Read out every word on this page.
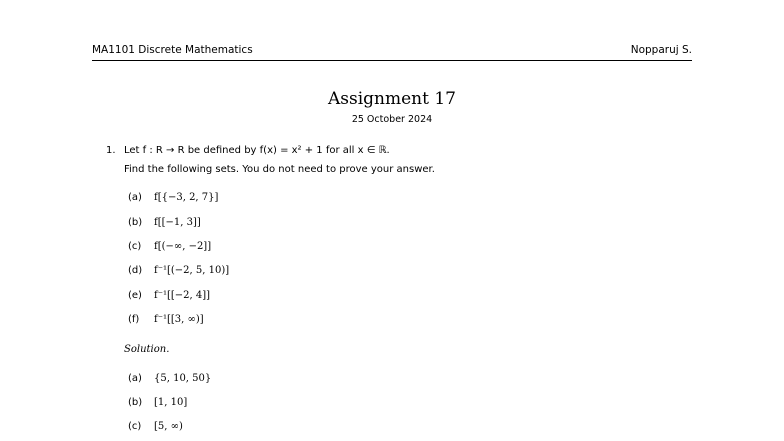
MA1101 Discrete Mathematics	Nopparuj S.
Assignment 17
25 October 2024
1. Let f : R → R be defined by f(x) = x² + 1 for all x ∈ ℝ.
Find the following sets. You do not need to prove your answer.
(a) f[{−3, 2, 7}]
(b) f[[−1, 3]]
(c) f[(−∞, −2]]
(d) f⁻¹[(−2, 5, 10)]
(e) f⁻¹[[−2, 4]]
(f) f⁻¹[[3, ∞)]
Solution.
(a) {5, 10, 50}
(b) [1, 10]
(c) [5, ∞)
